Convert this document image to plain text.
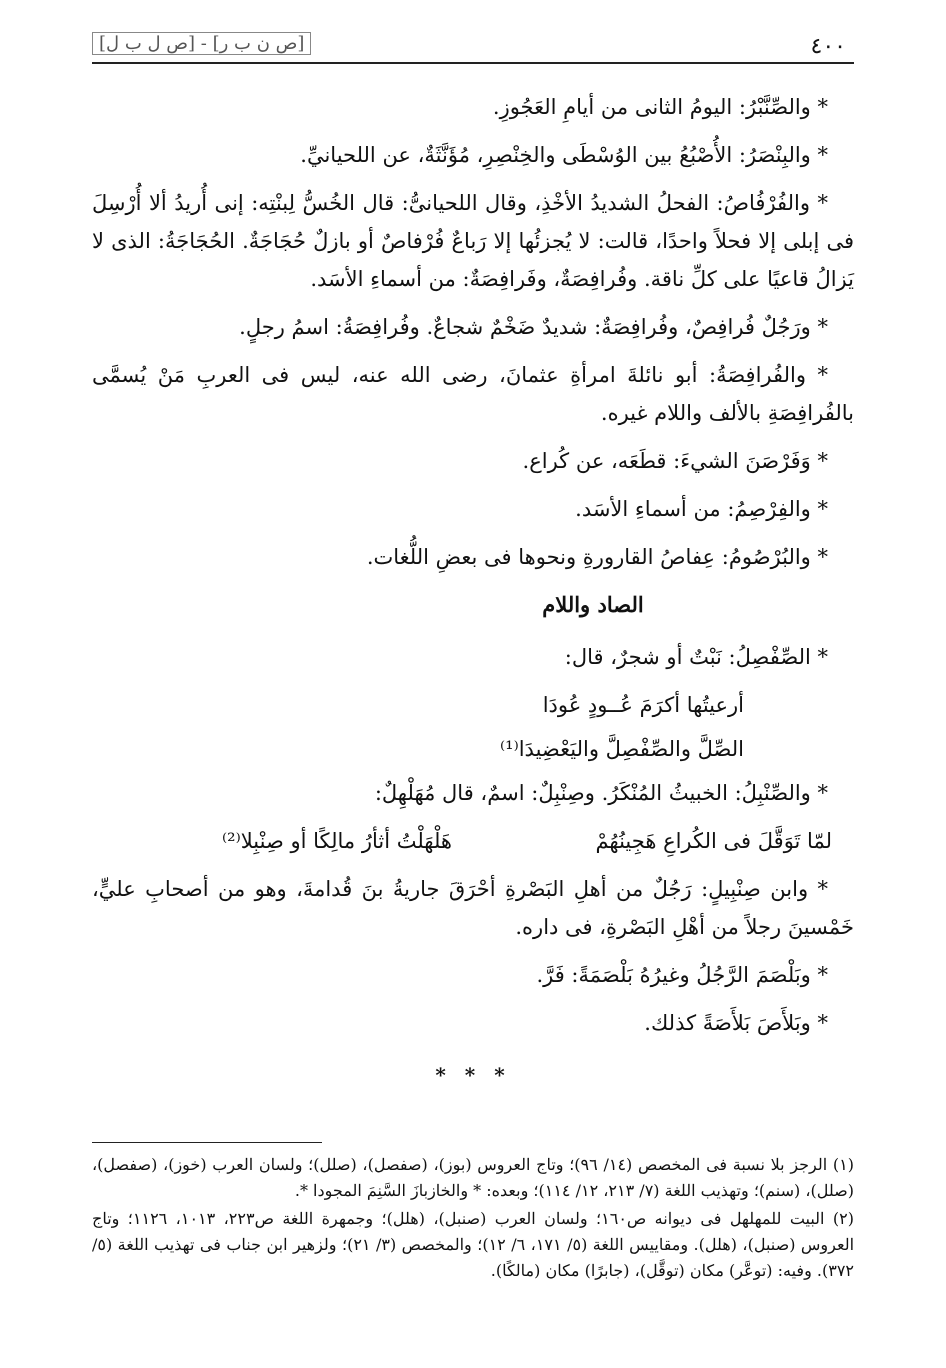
٤٠٠
[ص ن ب ر] - [ص ل ب ل]

* والصِّنَّبْرُ: اليومُ الثانى من أيامِ العَجُوزِ.

* والبِنْصَرُ: الأُصْبُعُ بين الوُسْطَى والخِنْصِرِ، مُؤَنَّثَةٌ، عن اللحيانيِّ.

* والفُرْفُاصُ: الفحلُ الشديدُ الأخْذِ، وقال اللحيانىُّ: قال الخُسُّ لِبنْتِه: إنى أُريدُ ألا أُرْسِلَ فى إبلى إلا فحلاً واحدًا، قالت: لا يُجزئُها إلا رَباعٌ فُرْفاصٌ أو بازلٌ حُجَاجَةٌ. الحُجَاجَةُ: الذى لا يَزالُ قاعيًا على كلِّ ناقة. وفُرافِصَةٌ، وفَرافِصَةٌ: من أسماءِ الأسَد.

* ورَجُلٌ فُرافِصٌ، وفُرافِصَةٌ: شديدٌ ضَخْمٌ شجاعٌ. وفُرافِصَةُ: اسمُ رجلٍ.

* والفُرافِصَةُ: أبو نائلةَ امرأةِ عثمانَ، رضى الله عنه، ليس فى العربِ مَنْ يُسمَّى بالفُرافِصَةِ بالألف واللام غيره.

* وَفَرْصَنَ الشيءَ: قطَعَه، عن كُراع.

* والفِرْصِمُ: من أسماءِ الأسَد.

* والبُرْصُومُ: عِفاصُ القارورةِ ونحوها فى بعضِ اللُّغات.

الصاد واللام

* الصِّفْصِلُ: نَبْتٌ أو شجرٌ، قال:

أرعيتُها أكرَمَ عُــودٍ عُودَا
الصِّلَّ والصِّفْصِلَّ واليَعْضِيدَا⁽¹⁾

* والصِّنْبِلُ: الخبيثُ المُنْكَرُ. وصِنْبِلٌ: اسمٌ، قال مُهَلْهِلٌ:

لمّا تَوَقَّلَ فى الكُراعِ هَجِينُهُمْ
هَلْهَلْتُ أثأرُ مالِكًا أو صِنْبِلا⁽²⁾

* وابن صِنْبِيلٍ: رَجُلٌ من أهلِ البَصْرةِ أحْرَقَ جاريةُ بنَ قُدامةَ، وهو من أصحابِ عليٍّ، خَمْسينَ رجلاً من أهْلِ البَصْرةِ، فى داره.

* وبَلْصَمَ الرَّجُلُ وغيرُهُ بَلْصَمَةً: فَرَّ.

* وبَلأَصَ بَلأَصَةً كذلك.

* * *

(١) الرجز بلا نسبة فى المخصص (١٤/ ٩٦)؛ وتاج العروس (بوز)، (صفصل)، (صلل)؛ ولسان العرب (خوز)، (صفصل)، (صلل)، (سنم)؛ وتهذيب اللغة (٧/ ٢١٣، ١٢/ ١١٤)؛ وبعده: * والخازبازَ السَّنِمَ المجودا *.

(٢) البيت للمهلهل فى ديوانه ص١٦٠؛ ولسان العرب (صنبل)، (هلل)؛ وجمهرة اللغة ص٢٢٣، ١٠١٣، ١١٢٦؛ وتاج العروس (صنبل)، (هلل). ومقاييس اللغة (٥/ ١٧١، ٦/ ١٢)؛ والمخصص (٣/ ٢١)؛ ولزهير ابن جناب فى تهذيب اللغة (٥/ ٣٧٢). وفيه: (توعَّر) مكان (توقَّل)، (جابرًا) مكان (مالكًا).
